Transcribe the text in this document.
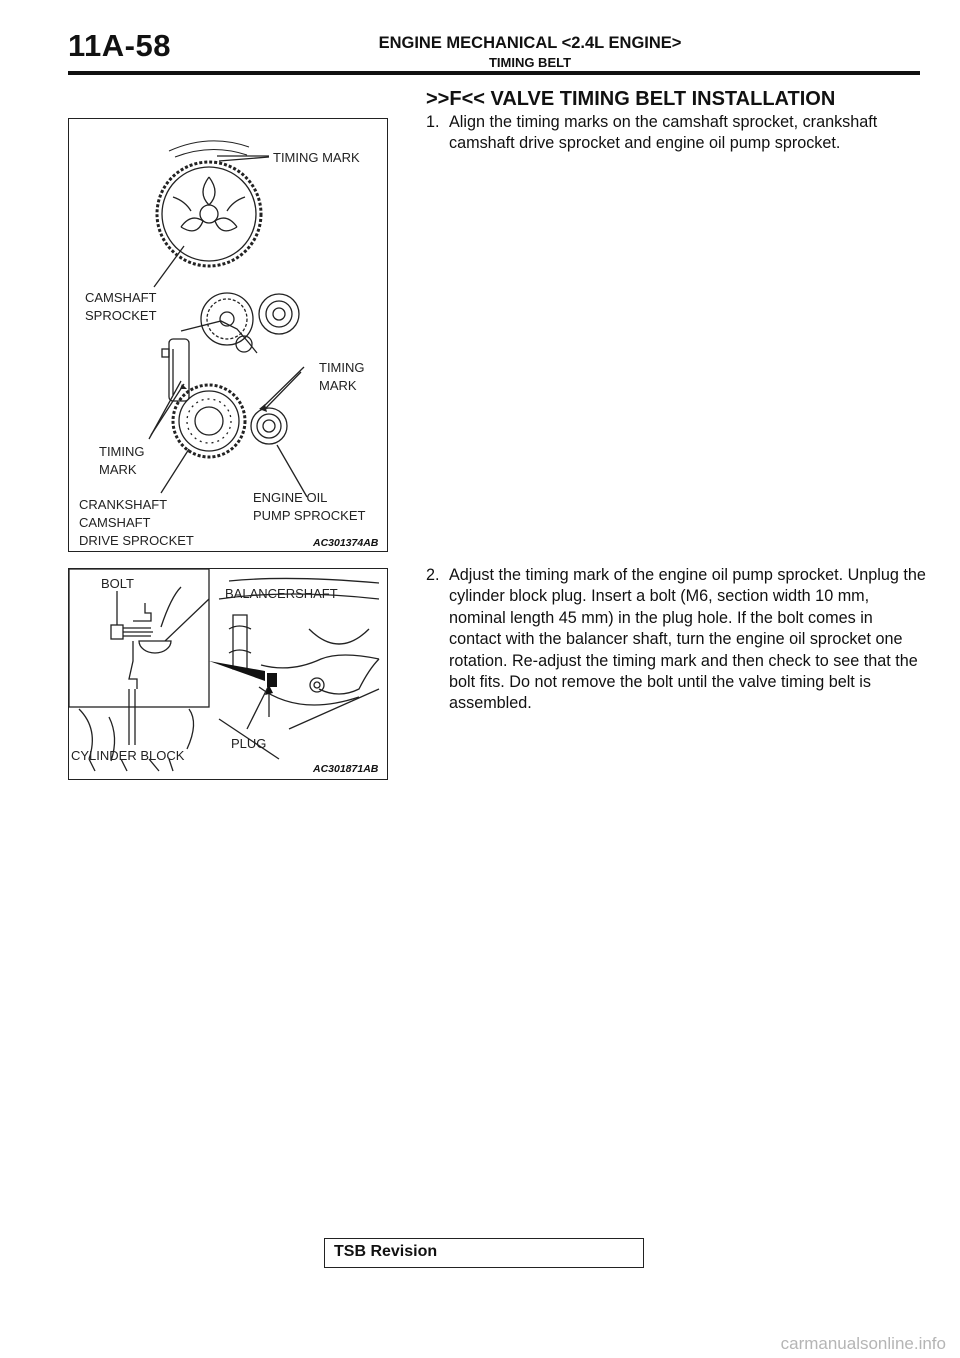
11A-58	ENGINE MECHANICAL <2.4L ENGINE>
TIMING BELT
>>F<< VALVE TIMING BELT INSTALLATION
1. Align the timing marks on the camshaft sprocket, crankshaft camshaft drive sprocket and engine oil pump sprocket.
2. Adjust the timing mark of the engine oil pump sprocket. Unplug the cylinder block plug. Insert a bolt (M6, section width 10 mm, nominal length 45 mm) in the plug hole. If the bolt comes in contact with the balancer shaft, turn the engine oil sprocket one rotation. Re-adjust the timing mark and then check to see that the bolt fits. Do not remove the bolt until the valve timing belt is assembled.
TIMING MARK
CAMSHAFT
SPROCKET
TIMING
MARK
TIMING
MARK
CRANKSHAFT
CAMSHAFT
DRIVE SPROCKET
ENGINE OIL
PUMP SPROCKET
AC301374AB
BOLT
BALANCERSHAFT
CYLINDER BLOCK
PLUG
AC301871AB
TSB Revision
carmanualsonline.info
